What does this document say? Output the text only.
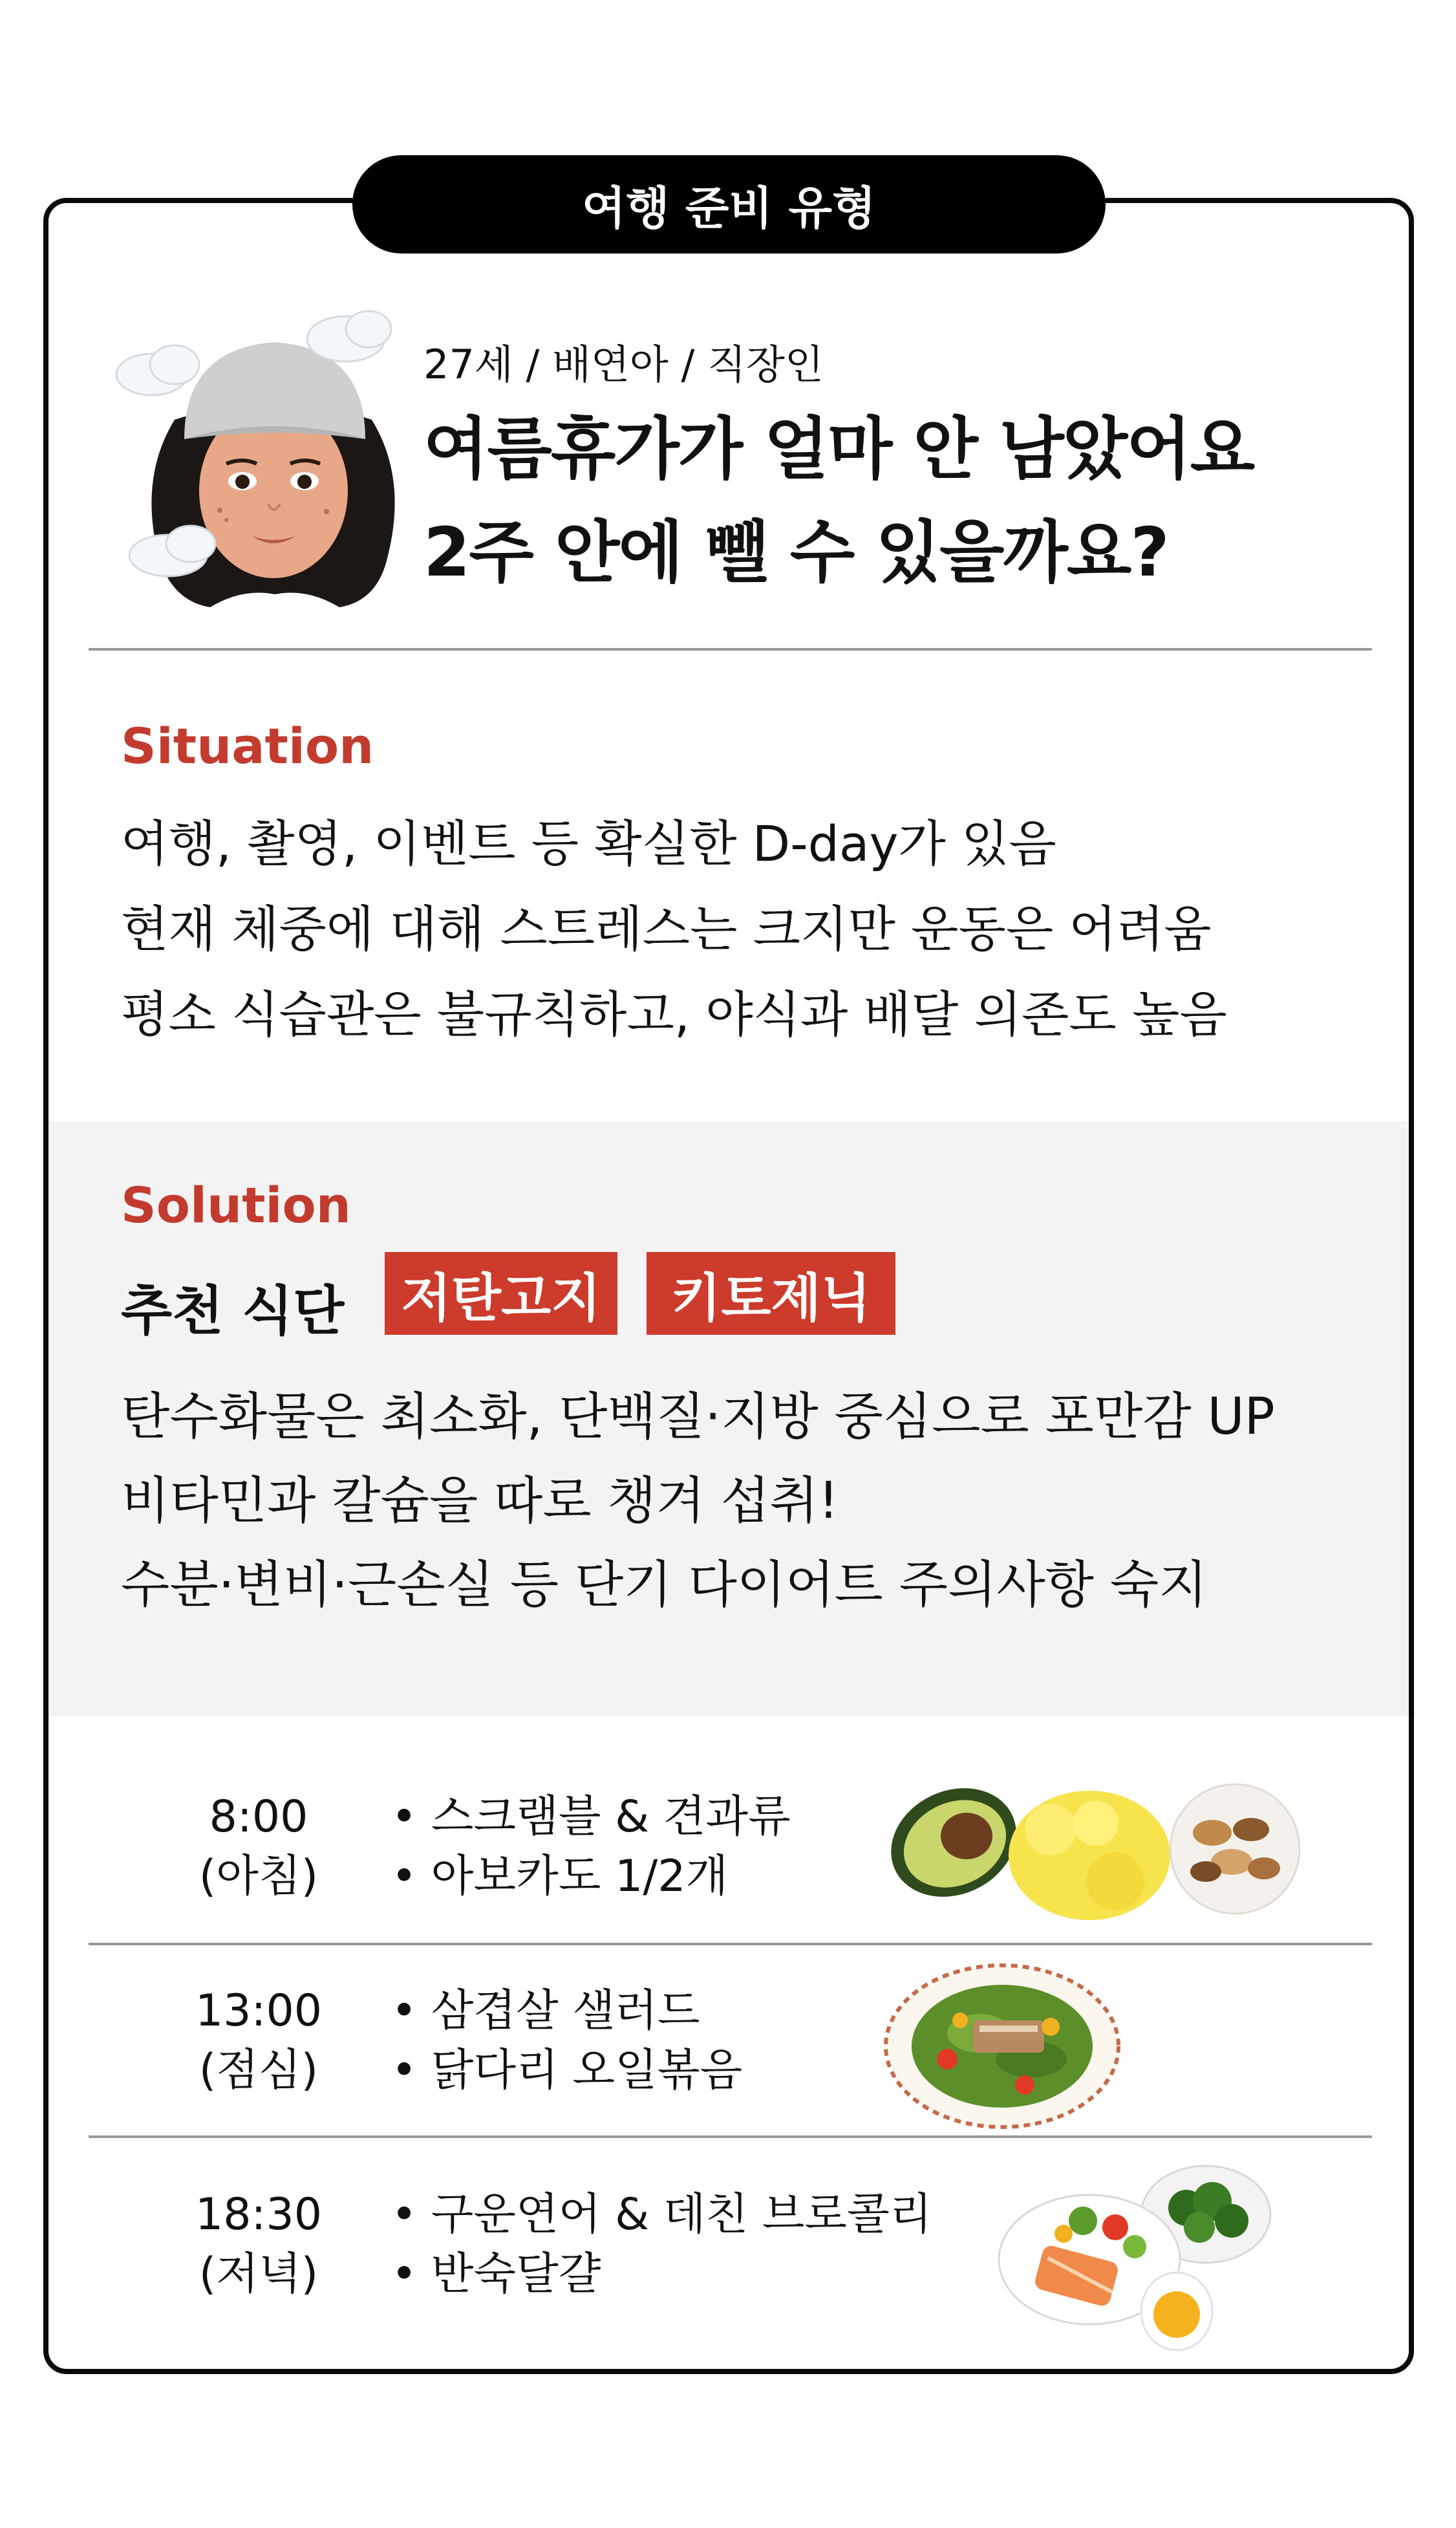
여행 준비 유형
27세 / 배연아 / 직장인
여름휴가가 얼마 안 남았어요
2주 안에 뺄 수 있을까요?
Situation
여행, 촬영, 이벤트 등 확실한 D-day가 있음
현재 체중에 대해 스트레스는 크지만 운동은 어려움
평소 식습관은 불규칙하고, 야식과 배달 의존도 높음
Solution
추천 식단	저탄고지	키토제닉
탄수화물은 최소화, 단백질·지방 중심으로 포만감 UP
비타민과 칼슘을 따로 챙겨 섭취!
수분·변비·근손실 등 단기 다이어트 주의사항 숙지
8:00
(아침)
• 스크램블 & 견과류
• 아보카도 1/2개
13:00
(점심)
• 삼겹살 샐러드
• 닭다리 오일볶음
18:30
(저녁)
• 구운연어 & 데친 브로콜리
• 반숙달걀
